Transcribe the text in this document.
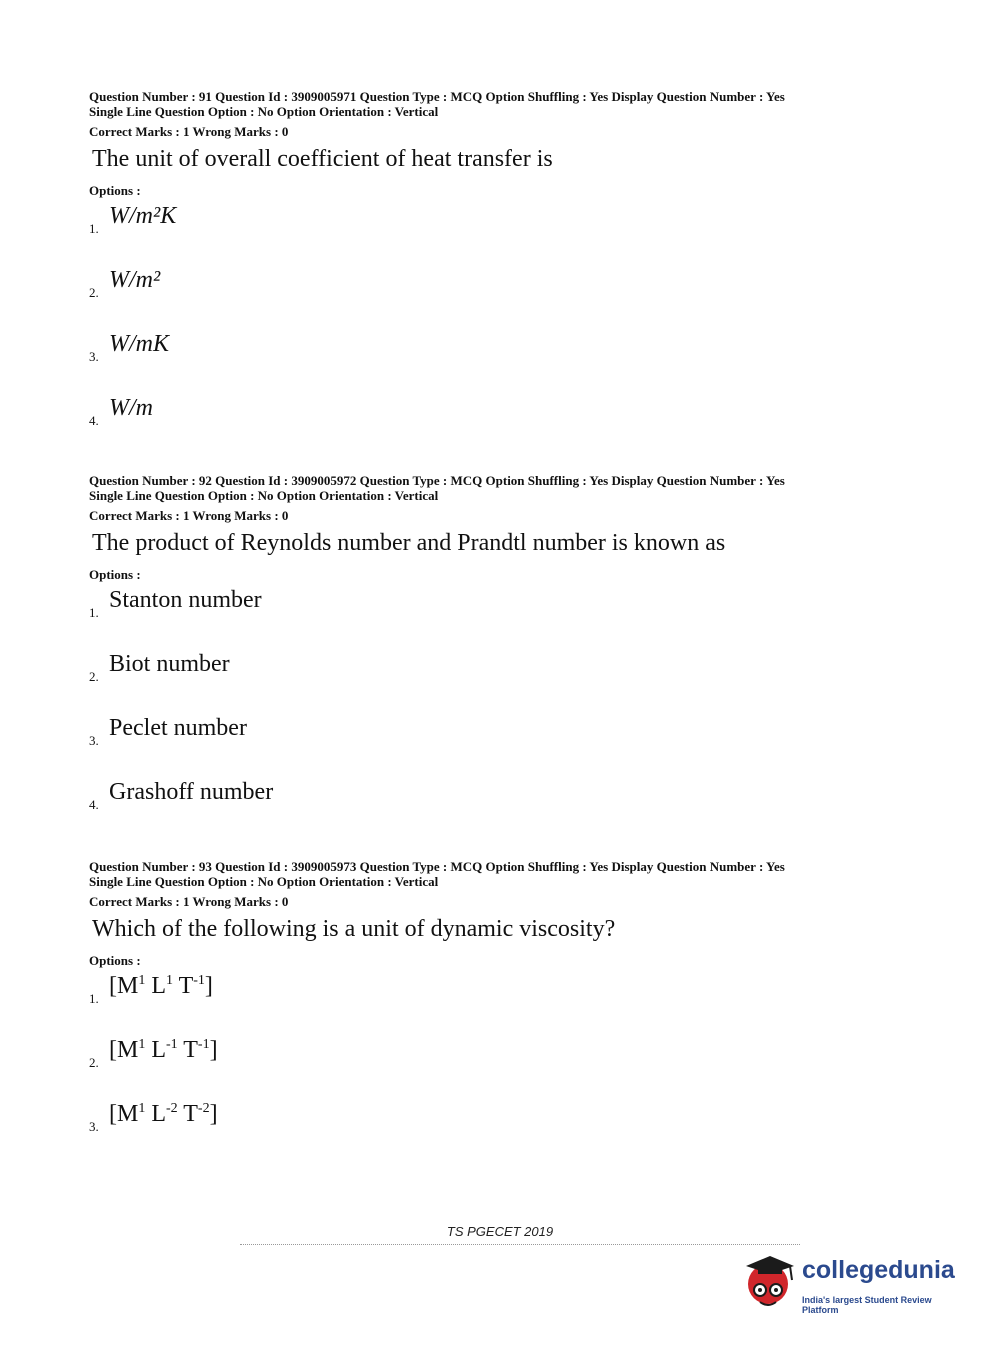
Question Number : 91 Question Id : 3909005971 Question Type : MCQ Option Shuffling : Yes Display Question Number : Yes
Single Line Question Option : No Option Orientation : Vertical
Correct Marks : 1 Wrong Marks : 0
The unit of overall coefficient of heat transfer is
Options :
1. W/m²K
2. W/m²
3. W/mK
4. W/m
Question Number : 92 Question Id : 3909005972 Question Type : MCQ Option Shuffling : Yes Display Question Number : Yes
Single Line Question Option : No Option Orientation : Vertical
Correct Marks : 1 Wrong Marks : 0
The product of Reynolds number and Prandtl number is known as
Options :
1. Stanton number
2. Biot number
3. Peclet number
4. Grashoff number
Question Number : 93 Question Id : 3909005973 Question Type : MCQ Option Shuffling : Yes Display Question Number : Yes
Single Line Question Option : No Option Orientation : Vertical
Correct Marks : 1 Wrong Marks : 0
Which of the following is a unit of dynamic viscosity?
Options :
1. [$M^1$ $L^1$ $T^{-1}$]
2. [$M^1$ $L^{-1}$ $T^{-1}$]
3. [$M^1$ $L^{-2}$ $T^{-2}$]
TS PGECET 2019
collegedunia
India's largest Student Review Platform
